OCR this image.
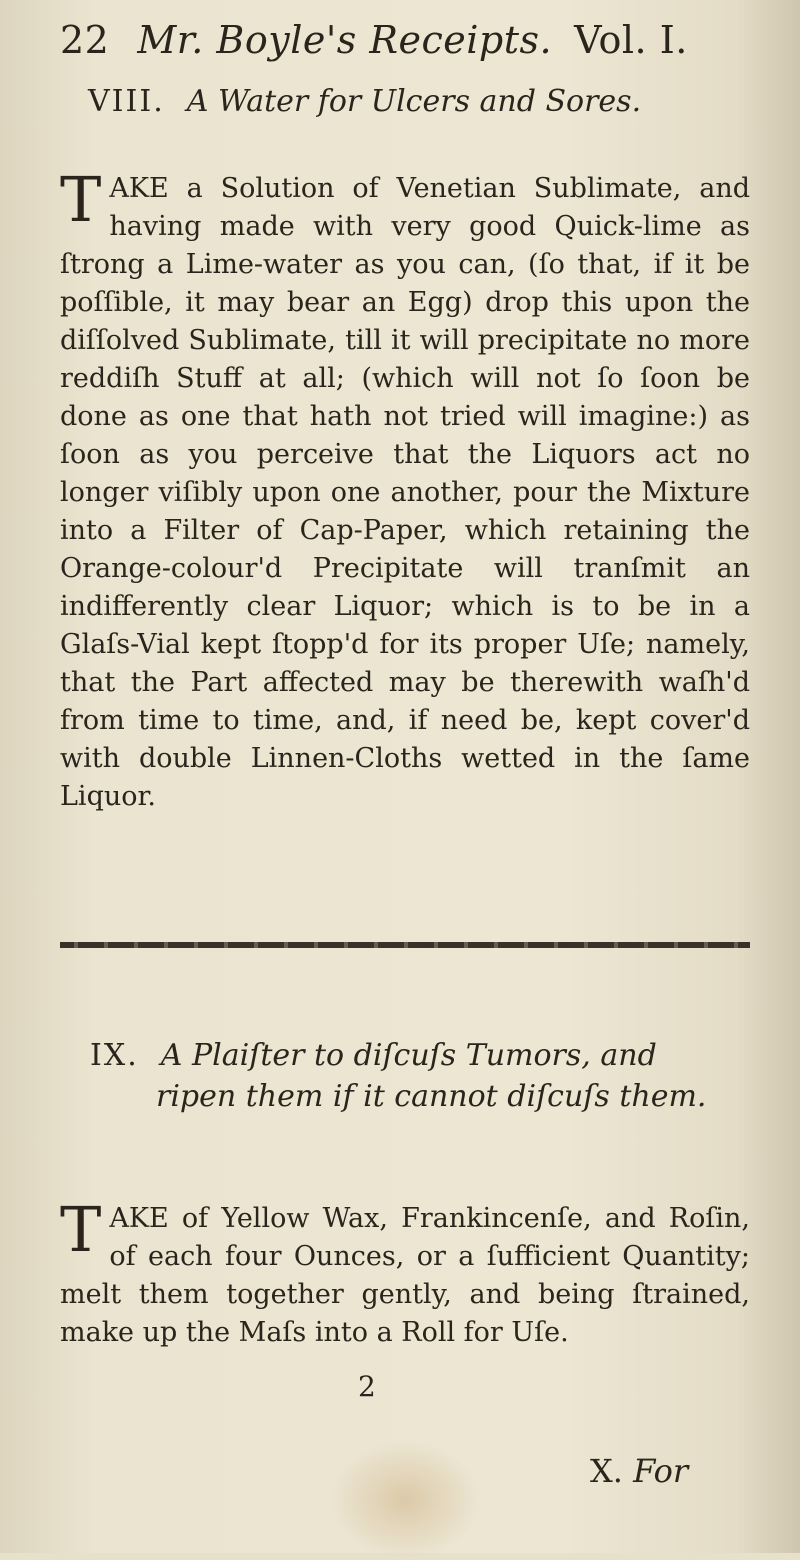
22 Mr. Boyle's Receipts. Vol. I.
VIII. A Water for Ulcers and Sores.
TAKE a Solution of Venetian Sublimate, and having made with very good Quick-lime as ſtrong a Lime-water as you can, (ſo that, if it be poſſible, it may bear an Egg) drop this upon the diſſolved Sublimate, till it will precipitate no more reddiſh Stuff at all; (which will not ſo ſoon be done as one that hath not tried will imagine:) as ſoon as you perceive that the Liquors act no longer viſibly upon one another, pour the Mixture into a Filter of Cap-Paper, which retaining the Orange-colour'd Precipitate will tranſmit an indifferently clear Liquor; which is to be in a Glaſs-Vial kept ſtopp'd for its proper Uſe; namely, that the Part affected may be therewith waſh'd from time to time, and, if need be, kept cover'd with double Linnen-Cloths wetted in the ſame Liquor.
IX. A Plaiſter to diſcuſs Tumors, and
ripen them if it cannot diſcuſs them.
TAKE of Yellow Wax, Frankincenſe, and Roſin, of each four Ounces, or a ſufficient Quantity; melt them together gently, and being ſtrained, make up the Maſs into a Roll for Uſe.
2
X. For
